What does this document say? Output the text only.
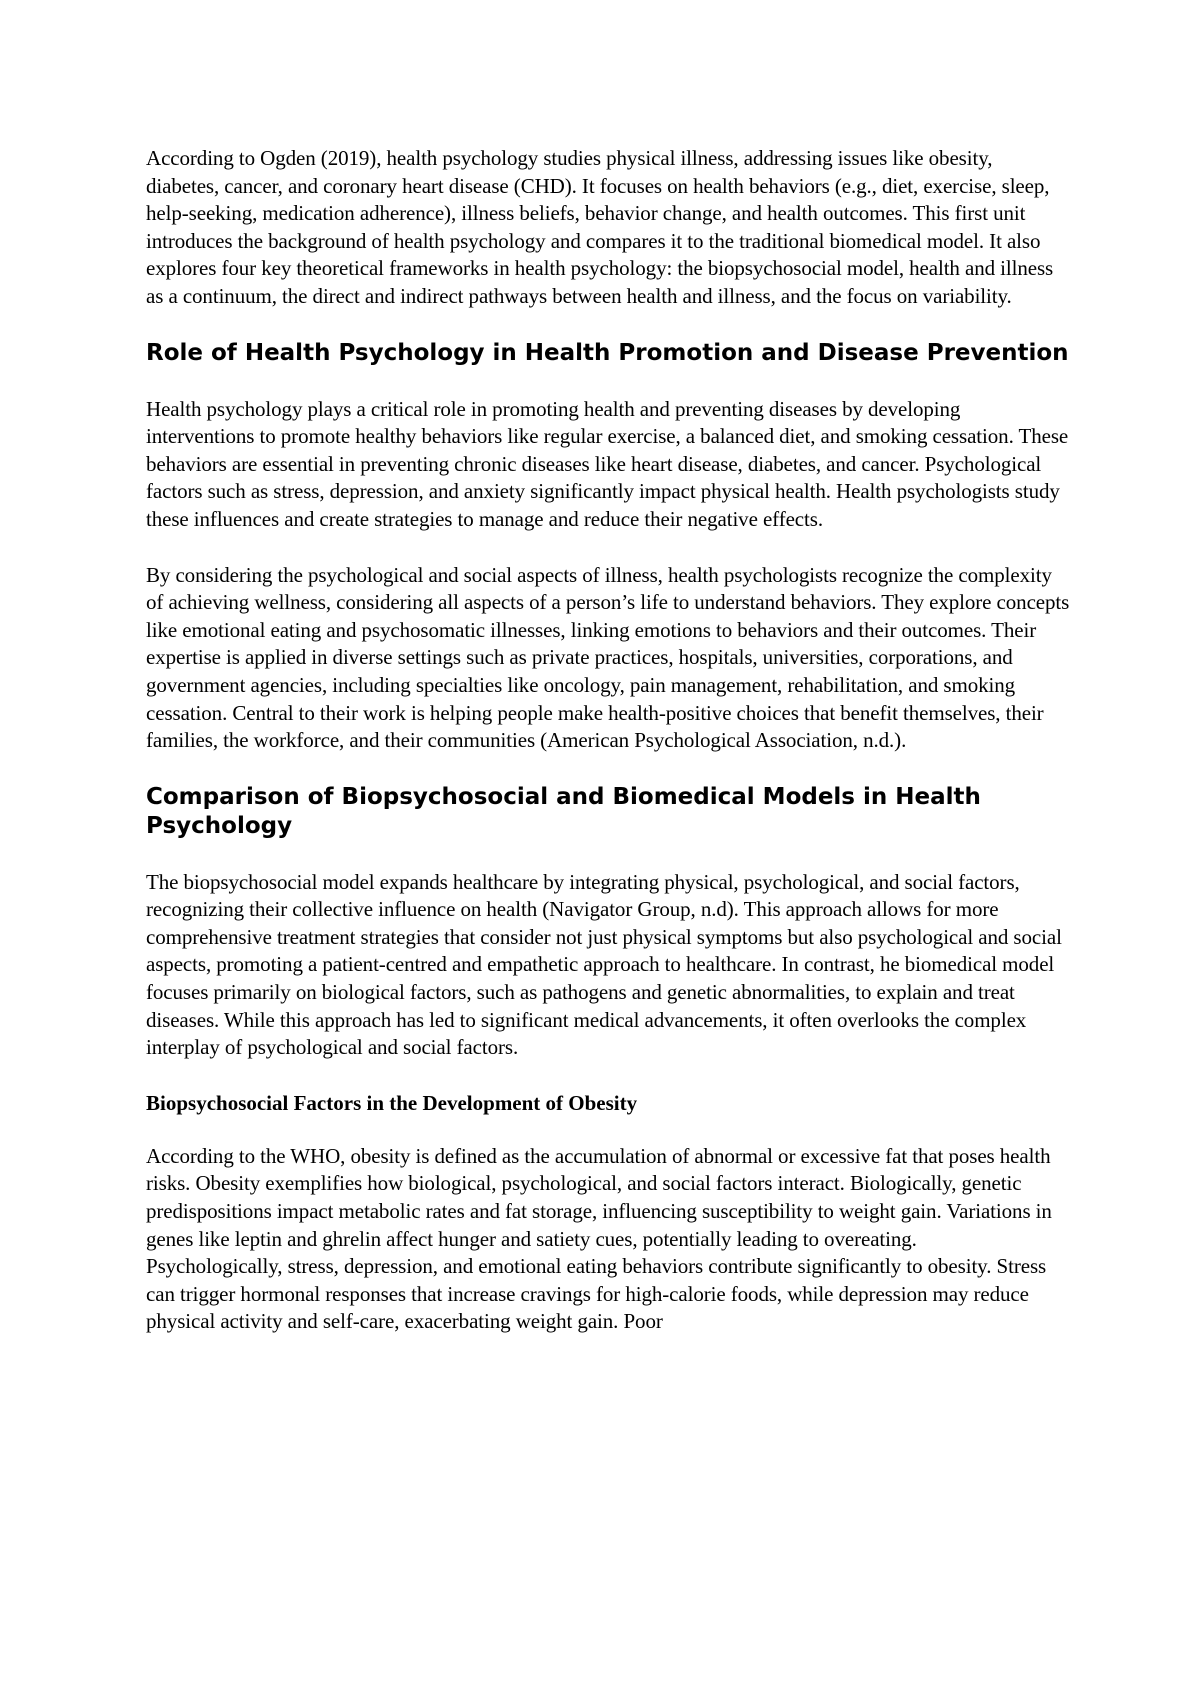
According to Ogden (2019), health psychology studies physical illness, addressing issues like obesity, diabetes, cancer, and coronary heart disease (CHD). It focuses on health behaviors (e.g., diet, exercise, sleep, help-seeking, medication adherence), illness beliefs, behavior change, and health outcomes. This first unit introduces the background of health psychology and compares it to the traditional biomedical model. It also explores four key theoretical frameworks in health psychology: the biopsychosocial model, health and illness as a continuum, the direct and indirect pathways between health and illness, and the focus on variability.

Role of Health Psychology in Health Promotion and Disease Prevention

Health psychology plays a critical role in promoting health and preventing diseases by developing interventions to promote healthy behaviors like regular exercise, a balanced diet, and smoking cessation. These behaviors are essential in preventing chronic diseases like heart disease, diabetes, and cancer. Psychological factors such as stress, depression, and anxiety significantly impact physical health. Health psychologists study these influences and create strategies to manage and reduce their negative effects.

By considering the psychological and social aspects of illness, health psychologists recognize the complexity of achieving wellness, considering all aspects of a person’s life to understand behaviors. They explore concepts like emotional eating and psychosomatic illnesses, linking emotions to behaviors and their outcomes. Their expertise is applied in diverse settings such as private practices, hospitals, universities, corporations, and government agencies, including specialties like oncology, pain management, rehabilitation, and smoking cessation. Central to their work is helping people make health-positive choices that benefit themselves, their families, the workforce, and their communities (American Psychological Association, n.d.).

Comparison of Biopsychosocial and Biomedical Models in Health Psychology

The biopsychosocial model expands healthcare by integrating physical, psychological, and social factors, recognizing their collective influence on health (Navigator Group, n.d). This approach allows for more comprehensive treatment strategies that consider not just physical symptoms but also psychological and social aspects, promoting a patient-centred and empathetic approach to healthcare. In contrast, he biomedical model focuses primarily on biological factors, such as pathogens and genetic abnormalities, to explain and treat diseases. While this approach has led to significant medical advancements, it often overlooks the complex interplay of psychological and social factors.

Biopsychosocial Factors in the Development of Obesity

According to the WHO, obesity is defined as the accumulation of abnormal or excessive fat that poses health risks. Obesity exemplifies how biological, psychological, and social factors interact. Biologically, genetic predispositions impact metabolic rates and fat storage, influencing susceptibility to weight gain. Variations in genes like leptin and ghrelin affect hunger and satiety cues, potentially leading to overeating.

Psychologically, stress, depression, and emotional eating behaviors contribute significantly to obesity. Stress can trigger hormonal responses that increase cravings for high-calorie foods, while depression may reduce physical activity and self-care, exacerbating weight gain. Poor
